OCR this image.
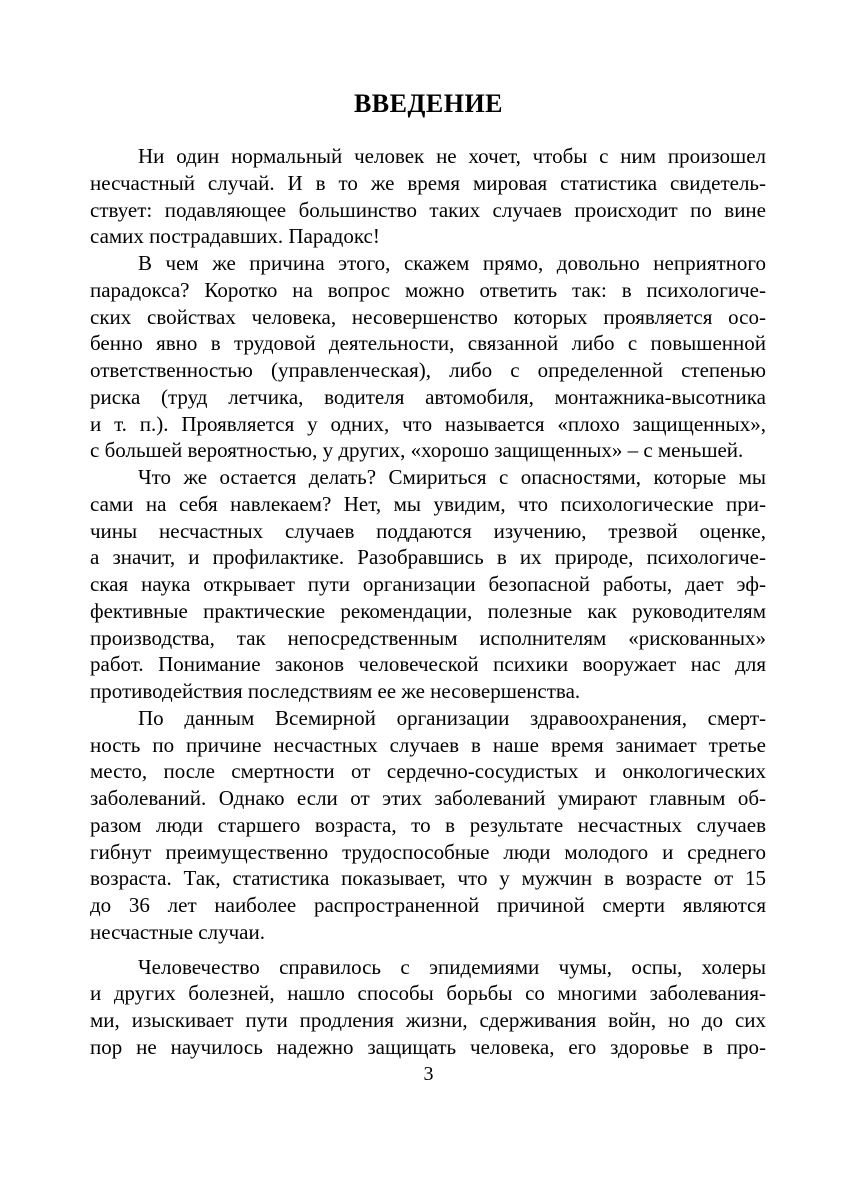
ВВЕДЕНИЕ
Ни один нормальный человек не хочет, чтобы с ним произошел
несчастный случай. И в то же время мировая статистика свидетель-
ствует: подавляющее большинство таких случаев происходит по вине
самих пострадавших. Парадокс!
В чем же причина этого, скажем прямо, довольно неприятного
парадокса? Коротко на вопрос можно ответить так: в психологиче-
ских свойствах человека, несовершенство которых проявляется осо-
бенно явно в трудовой деятельности, связанной либо с повышенной
ответственностью (управленческая), либо с определенной степенью
риска (труд летчика, водителя автомобиля, монтажника-высотника
и т. п.). Проявляется у одних, что называется «плохо защищенных»,
с большей вероятностью, у других, «хорошо защищенных» – с меньшей.
Что же остается делать? Смириться с опасностями, которые мы
сами на себя навлекаем? Нет, мы увидим, что психологические при-
чины несчастных случаев поддаются изучению, трезвой оценке,
а значит, и профилактике. Разобравшись в их природе, психологиче-
ская наука открывает пути организации безопасной работы, дает эф-
фективные практические рекомендации, полезные как руководителям
производства, так непосредственным исполнителям «рискованных»
работ. Понимание законов человеческой психики вооружает нас для
противодействия последствиям ее же несовершенства.
По данным Всемирной организации здравоохранения, смерт-
ность по причине несчастных случаев в наше время занимает третье
место, после смертности от сердечно-сосудистых и онкологических
заболеваний. Однако если от этих заболеваний умирают главным об-
разом люди старшего возраста, то в результате несчастных случаев
гибнут преимущественно трудоспособные люди молодого и среднего
возраста. Так, статистика показывает, что у мужчин в возрасте от 15
до 36 лет наиболее распространенной причиной смерти являются
несчастные случаи.
Человечество справилось с эпидемиями чумы, оспы, холеры
и других болезней, нашло способы борьбы со многими заболевания-
ми, изыскивает пути продления жизни, сдерживания войн, но до сих
пор не научилось надежно защищать человека, его здоровье в про-
3
